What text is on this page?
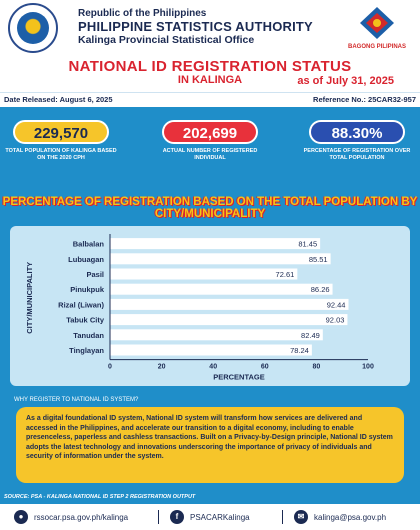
Republic of the Philippines
PHILIPPINE STATISTICS AUTHORITY
Kalinga Provincial Statistical Office
BAGONG PILIPINAS
NATIONAL ID REGISTRATION STATUS
IN KALINGA	as of July 31, 2025
Date Released: August 6, 2025	Reference No.: 25CAR32-957
229,570
TOTAL POPULATION OF KALINGA BASED ON THE 2020 CPH
202,699
ACTUAL NUMBER OF REGISTERED INDIVIDUAL
88.30%
PERCENTAGE OF REGISTRATION OVER TOTAL POPULATION
PERCENTAGE OF REGISTRATION BASED ON THE TOTAL POPULATION BY CITY/MUNICIPALITY
Balbalan	81.45
Lubuagan	85.51
Pasil	72.61
Pinukpuk	86.26
Rizal (Liwan)	92.44
Tabuk City	92.03
Tanudan	82.49
Tinglayan	78.24
0	20	40	60	80	100
PERCENTAGE
CITY/MUNICIPALITY
WHY REGISTER TO NATIONAL ID SYSTEM?
As a digital foundational ID system, National ID system will transform how services are delivered and accessed in the Philippines, and accelerate our transition to a digital economy, including to enable presenceless, paperless and cashless transactions. Built on a Privacy-by-Design principle, National ID system adopts the latest technology and innovations underscoring the importance of privacy of individuals and security of information under the system.
SOURCE: PSA - KALINGA NATIONAL ID STEP 2 REGISTRATION OUTPUT
●	rssocar.psa.gov.ph/kalinga	f	PSACARKalinga	✉	kalinga@psa.gov.ph
